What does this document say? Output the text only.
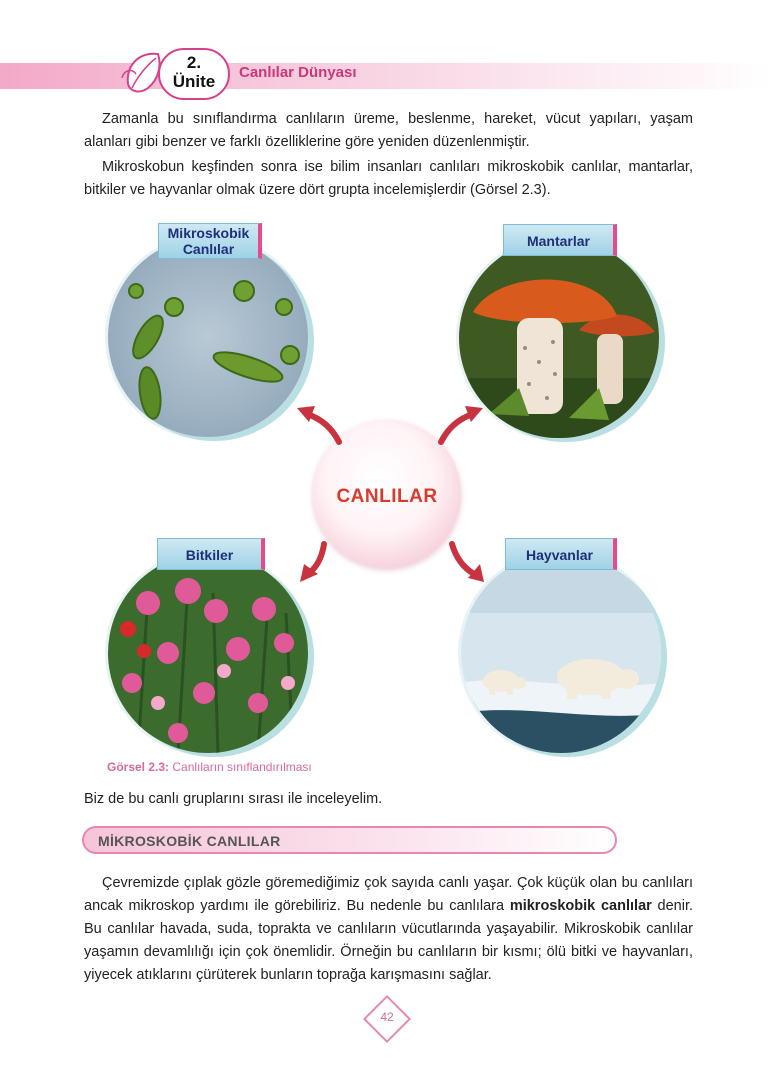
2.
Ünite	Canlılar Dünyası

Zamanla bu sınıflandırma canlıların üreme, beslenme, hareket, vücut yapıları, yaşam alanları gibi benzer ve farklı özelliklerine göre yeniden düzenlenmiştir.

Mikroskobun keşfinden sonra ise bilim insanları canlıları mikroskobik canlılar, mantarlar, bitkiler ve hayvanlar olmak üzere dört grupta incelemişlerdir (Görsel 2.3).

Mikroskobik
Canlılar	Mantarlar
Bitkiler	Hayvanlar
CANLILAR
Görsel 2.3: Canlıların sınıflandırılması

Biz de bu canlı gruplarını sırası ile inceleyelim.

MİKROSKOBİK CANLILAR

Çevremizde çıplak gözle göremediğimiz çok sayıda canlı yaşar. Çok küçük olan bu canlıları ancak mikroskop yardımı ile görebiliriz. Bu nedenle bu canlılara mikroskobik canlılar denir. Bu canlılar havada, suda, toprakta ve canlıların vücutlarında yaşayabilir. Mikroskobik canlılar yaşamın devamlılığı için çok önemlidir. Örneğin bu canlıların bir kısmı; ölü bitki ve hayvanları, yiyecek atıklarını çürüterek bunların toprağa karışmasını sağlar.

42
